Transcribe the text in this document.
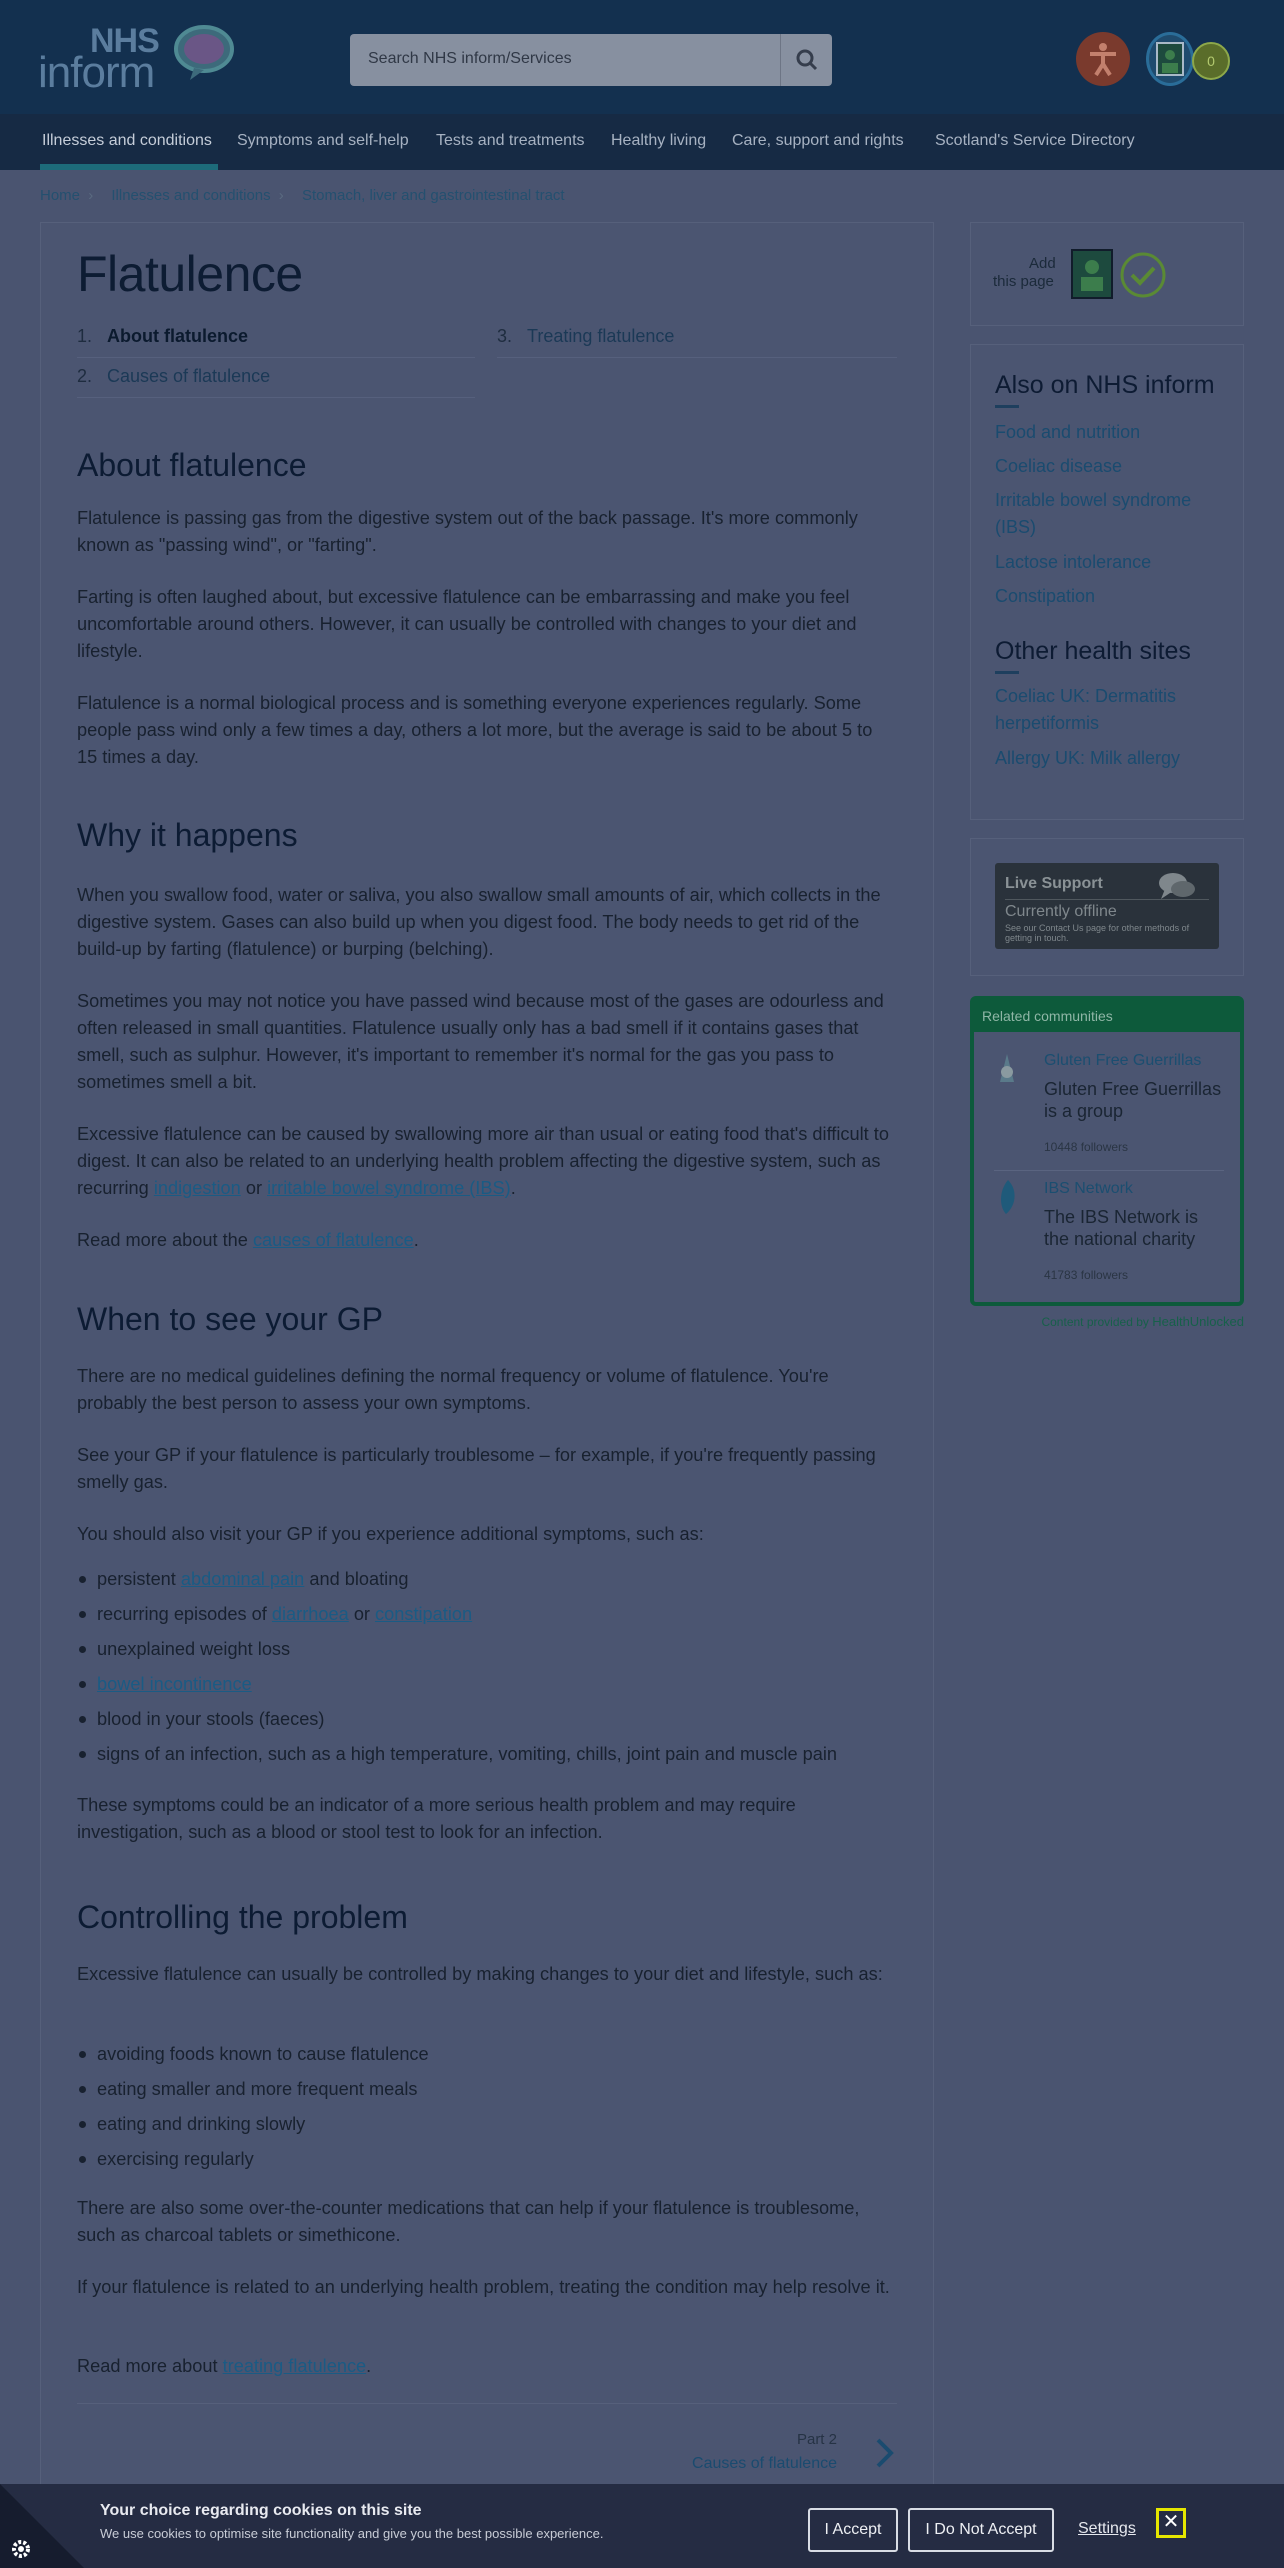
NHS
inform	Search NHS inform/Services	0
Illnesses and conditions Symptoms and self-help Tests and treatments Healthy living Care, support and rights Scotland's Service Directory
Home › Illnesses and conditions › Stomach, liver and gastrointestinal tract
Flatulence
1. About flatulence
2. Causes of flatulence
3. Treating flatulence
About flatulence

Flatulence is passing gas from the digestive system out of the back passage. It's more commonly known as "passing wind", or "farting".

Farting is often laughed about, but excessive flatulence can be embarrassing and make you feel uncomfortable around others. However, it can usually be controlled with changes to your diet and lifestyle.

Flatulence is a normal biological process and is something everyone experiences regularly. Some people pass wind only a few times a day, others a lot more, but the average is said to be about 5 to 15 times a day.

Why it happens

When you swallow food, water or saliva, you also swallow small amounts of air, which collects in the digestive system. Gases can also build up when you digest food. The body needs to get rid of the build-up by farting (flatulence) or burping (belching).

Sometimes you may not notice you have passed wind because most of the gases are odourless and often released in small quantities. Flatulence usually only has a bad smell if it contains gases that smell, such as sulphur. However, it's important to remember it's normal for the gas you pass to sometimes smell a bit.

Excessive flatulence can be caused by swallowing more air than usual or eating food that's difficult to digest. It can also be related to an underlying health problem affecting the digestive system, such as recurring indigestion or irritable bowel syndrome (IBS).

Read more about the causes of flatulence.

When to see your GP

There are no medical guidelines defining the normal frequency or volume of flatulence. You're probably the best person to assess your own symptoms.

See your GP if your flatulence is particularly troublesome – for example, if you're frequently passing smelly gas.

You should also visit your GP if you experience additional symptoms, such as:

persistent abdominal pain and bloating
recurring episodes of diarrhoea or constipation
unexplained weight loss
bowel incontinence
blood in your stools (faeces)
signs of an infection, such as a high temperature, vomiting, chills, joint pain and muscle pain

These symptoms could be an indicator of a more serious health problem and may require investigation, such as a blood or stool test to look for an infection.

Controlling the problem

Excessive flatulence can usually be controlled by making changes to your diet and lifestyle, such as:

avoiding foods known to cause flatulence
eating smaller and more frequent meals
eating and drinking slowly
exercising regularly

There are also some over-the-counter medications that can help if your flatulence is troublesome, such as charcoal tablets or simethicone.

If your flatulence is related to an underlying health problem, treating the condition may help resolve it.

Read more about treating flatulence.

Part 2
Causes of flatulence
Add
this page
Also on NHS inform
Food and nutrition
Coeliac disease
Irritable bowel syndrome (IBS)
Lactose intolerance
Constipation
Other health sites
Coeliac UK: Dermatitis herpetiformis
Allergy UK: Milk allergy
Live Support
Currently offline
See our Contact Us page for other methods of getting in touch.
Related communities
Gluten Free Guerrillas
Gluten Free Guerrillas is a group
10448 followers
IBS Network
The IBS Network is the national charity
41783 followers
Content provided by HealthUnlocked
Your choice regarding cookies on this site
We use cookies to optimise site functionality and give you the best possible experience.	I Accept	I Do Not Accept	Settings	✕
